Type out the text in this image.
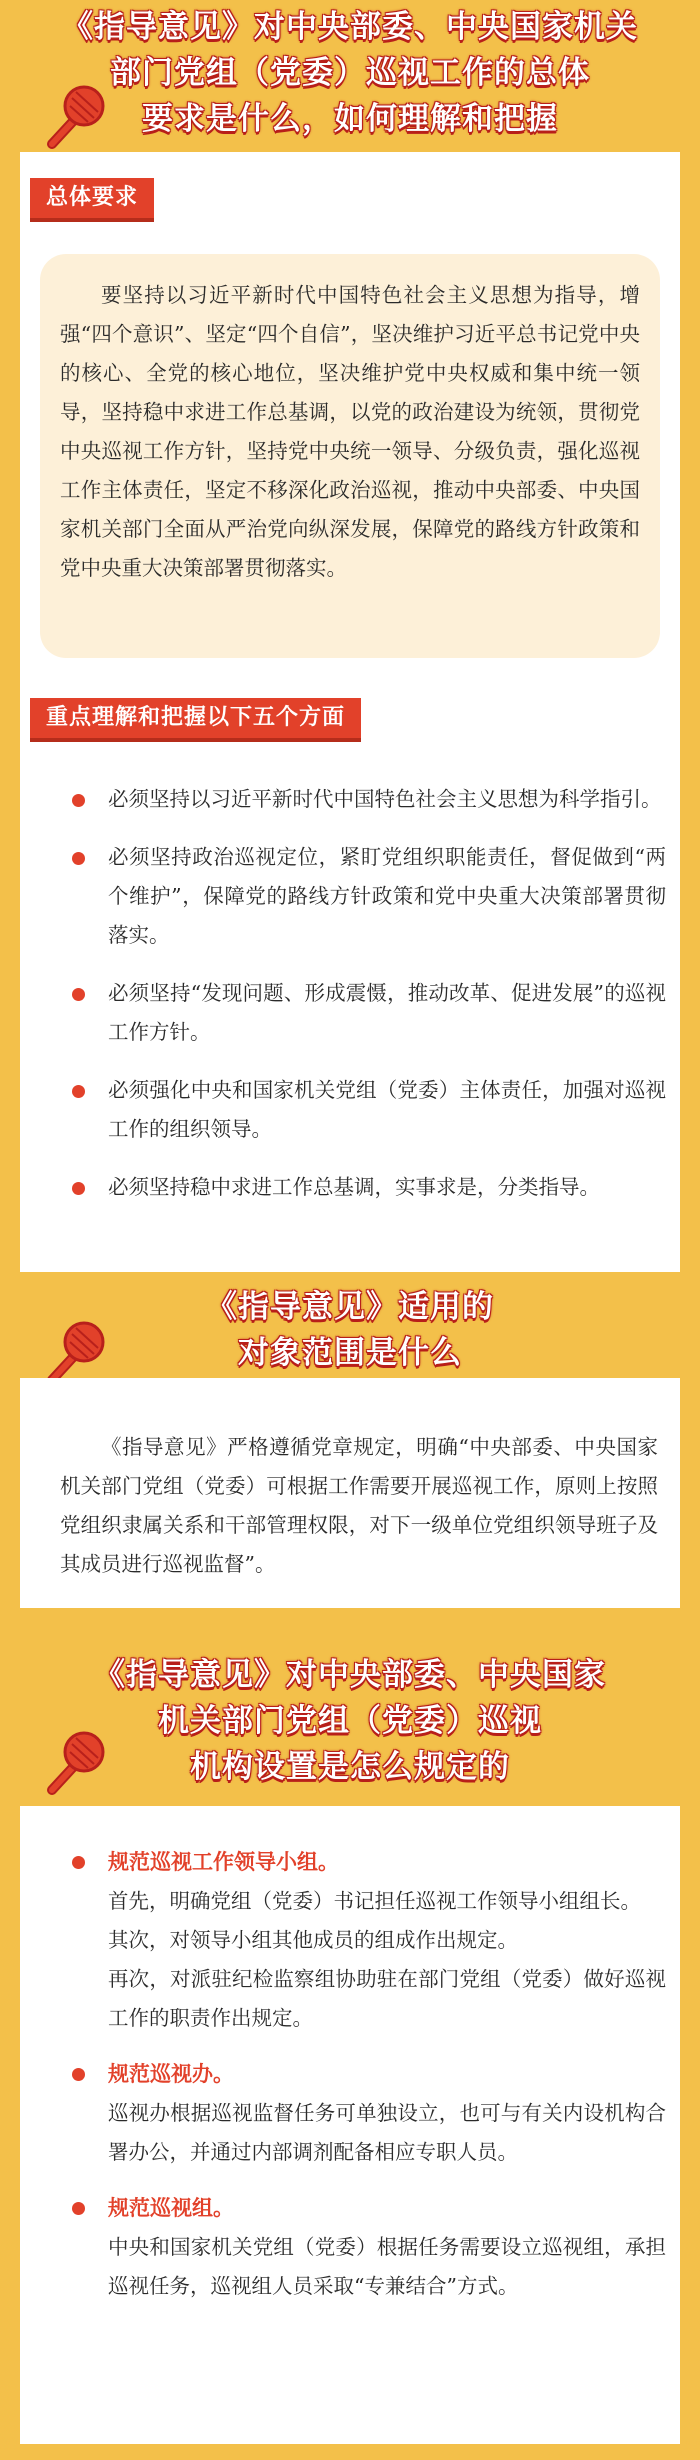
《指导意见》对中央部委、中央国家机关
部门党组（党委）巡视工作的总体
要求是什么，如何理解和把握
总体要求
要坚持以习近平新时代中国特色社会主义思想为指导，增强“四个意识”、坚定“四个自信”，坚决维护习近平总书记党中央的核心、全党的核心地位，坚决维护党中央权威和集中统一领导，坚持稳中求进工作总基调，以党的政治建设为统领，贯彻党中央巡视工作方针，坚持党中央统一领导、分级负责，强化巡视工作主体责任，坚定不移深化政治巡视，推动中央部委、中央国家机关部门全面从严治党向纵深发展，保障党的路线方针政策和党中央重大决策部署贯彻落实。
重点理解和把握以下五个方面
必须坚持以习近平新时代中国特色社会主义思想为科学指引。
必须坚持政治巡视定位，紧盯党组织职能责任，督促做到“两个维护”，保障党的路线方针政策和党中央重大决策部署贯彻落实。
必须坚持“发现问题、形成震慑，推动改革、促进发展”的巡视工作方针。
必须强化中央和国家机关党组（党委）主体责任，加强对巡视工作的组织领导。
必须坚持稳中求进工作总基调，实事求是，分类指导。
《指导意见》适用的
对象范围是什么
《指导意见》严格遵循党章规定，明确“中央部委、中央国家机关部门党组（党委）可根据工作需要开展巡视工作，原则上按照党组织隶属关系和干部管理权限，对下一级单位党组织领导班子及其成员进行巡视监督”。
《指导意见》对中央部委、中央国家
机关部门党组（党委）巡视
机构设置是怎么规定的
规范巡视工作领导小组。
首先，明确党组（党委）书记担任巡视工作领导小组组长。
其次，对领导小组其他成员的组成作出规定。
再次，对派驻纪检监察组协助驻在部门党组（党委）做好巡视工作的职责作出规定。
规范巡视办。
巡视办根据巡视监督任务可单独设立，也可与有关内设机构合署办公，并通过内部调剂配备相应专职人员。
规范巡视组。
中央和国家机关党组（党委）根据任务需要设立巡视组，承担巡视任务，巡视组人员采取“专兼结合”方式。
